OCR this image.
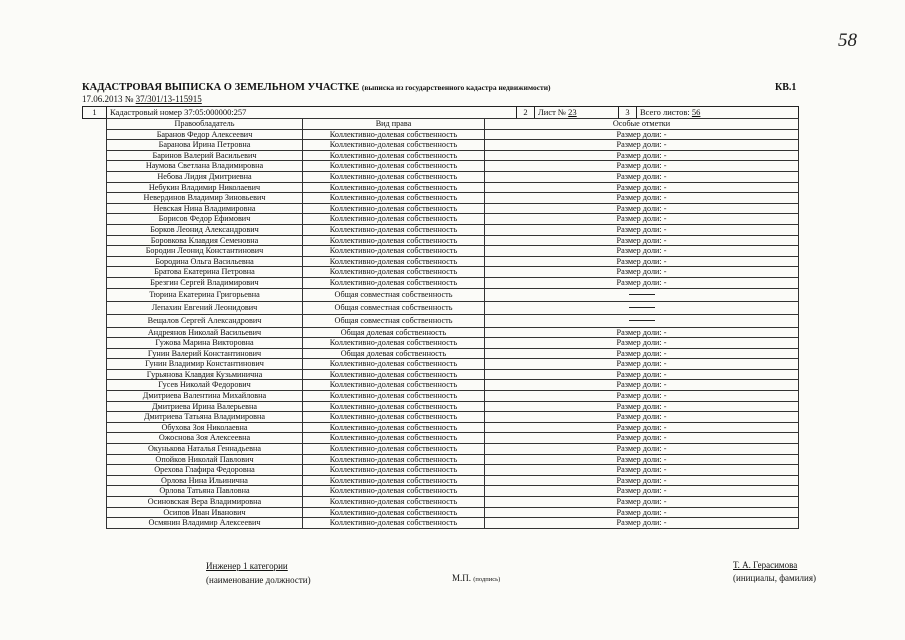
58
КАДАСТРОВАЯ ВЫПИСКА О ЗЕМЕЛЬНОМ УЧАСТКЕ (выписка из государственного кадастра недвижимости)	КВ.1
17.06.2013 № 37/301/13-115915
1	Кадастровый номер 37:05:000000:257	2	Лист № 23	3	Всего листов: 56
Правообладатель	Вид права	Особые отметки
Баранов Федор Алексеевич	Коллективно-долевая собственность	Размер доли: -
Баранова Ирина Петровна	Коллективно-долевая собственность	Размер доли: -
Баринов Валерий Васильевич	Коллективно-долевая собственность	Размер доли: -
Наумова Светлана Владимировна	Коллективно-долевая собственность	Размер доли: -
Небова Лидия Дмитриевна	Коллективно-долевая собственность	Размер доли: -
Небукин Владимир Николаевич	Коллективно-долевая собственность	Размер доли: -
Невердинов Владимир Зиновьевич	Коллективно-долевая собственность	Размер доли: -
Невская Нина Владимировна	Коллективно-долевая собственность	Размер доли: -
Борисов Федор Ефимович	Коллективно-долевая собственность	Размер доли: -
Борков Леонид Александрович	Коллективно-долевая собственность	Размер доли: -
Боровкова Клавдия Семеновна	Коллективно-долевая собственность	Размер доли: -
Бородин Леонид Константинович	Коллективно-долевая собственность	Размер доли: -
Бородина Ольга Васильевна	Коллективно-долевая собственность	Размер доли: -
Братова Екатерина Петровна	Коллективно-долевая собственность	Размер доли: -
Брезгин Сергей Владимирович	Коллективно-долевая собственность	Размер доли: -
Тюрина Екатерина Григорьевна	Общая совместная собственность	
Лепахин Евгений Леонидович	Общая совместная собственность	
Вещалов Сергей Александрович	Общая совместная собственность	
Андреянов Николай Васильевич	Общая долевая собственность	Размер доли: -
Гужова Марина Викторовна	Коллективно-долевая собственность	Размер доли: -
Гунин Валерий Константинович	Общая долевая собственность	Размер доли: -
Гунин Владимир Константинович	Коллективно-долевая собственность	Размер доли: -
Гурьянова Клавдия Кузьминична	Коллективно-долевая собственность	Размер доли: -
Гусев Николай Федорович	Коллективно-долевая собственность	Размер доли: -
Дмитриева Валентина Михайловна	Коллективно-долевая собственность	Размер доли: -
Дмитриева Ирина Валерьевна	Коллективно-долевая собственность	Размер доли: -
Дмитриева Татьяна Владимировна	Коллективно-долевая собственность	Размер доли: -
Обухова Зоя Николаевна	Коллективно-долевая собственность	Размер доли: -
Ожоснова Зоя Алексеевна	Коллективно-долевая собственность	Размер доли: -
Окунькова Наталья Геннадьевна	Коллективно-долевая собственность	Размер доли: -
Опойков Николай Павлович	Коллективно-долевая собственность	Размер доли: -
Орехова Глафира Федоровна	Коллективно-долевая собственность	Размер доли: -
Орлова Нина Ильинична	Коллективно-долевая собственность	Размер доли: -
Орлова Татьяна Павловна	Коллективно-долевая собственность	Размер доли: -
Осиновская Вера Владимировна	Коллективно-долевая собственность	Размер доли: -
Осипов Иван Иванович	Коллективно-долевая собственность	Размер доли: -
Осмянин Владимир Алексеевич	Коллективно-долевая собственность	Размер доли: -
Инженер 1 категории
(наименование должности)	М.П. (подпись)
Т. А. Герасимова
(инициалы, фамилия)
